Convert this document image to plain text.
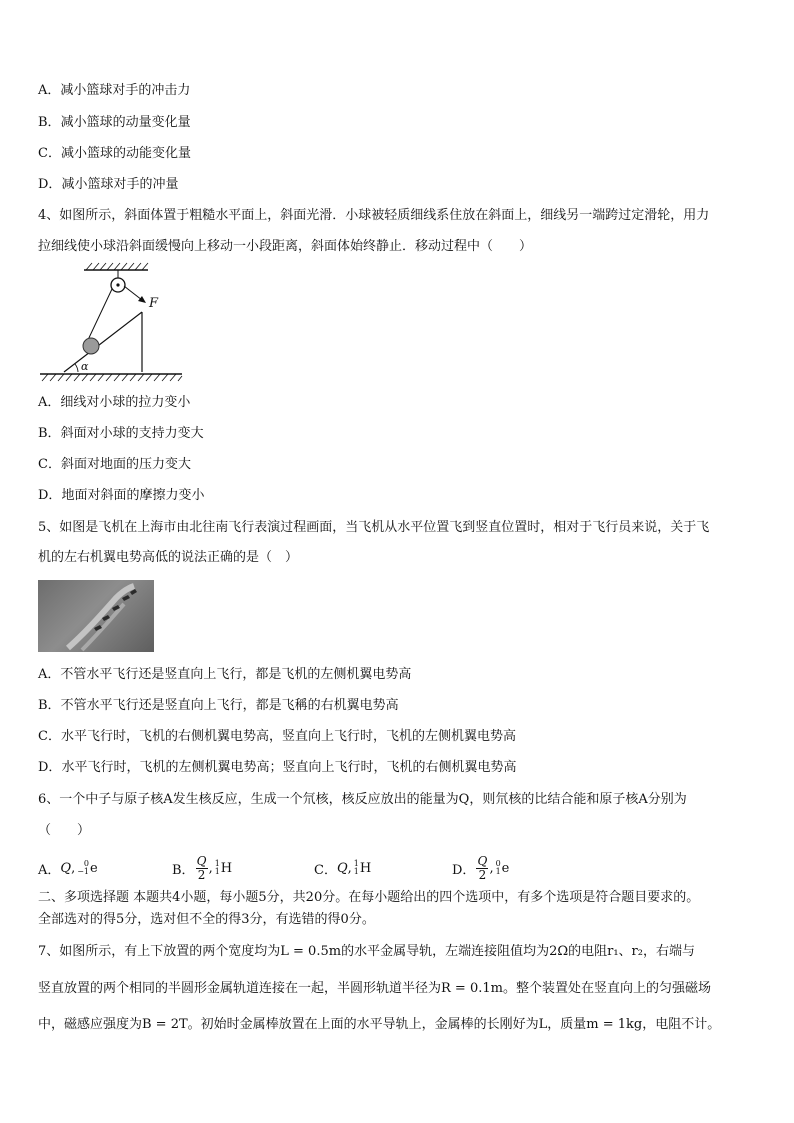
A．减小篮球对手的冲击力
B．减小篮球的动量变化量
C．减小篮球的动能变化量
D．减小篮球对手的冲量
4、如图所示，斜面体置于粗糙水平面上，斜面光滑．小球被轻质细线系住放在斜面上，细线另一端跨过定滑轮，用力
拉细线使小球沿斜面缓慢向上移动一小段距离，斜面体始终静止．移动过程中（　　）
F
α
A．细线对小球的拉力变小
B．斜面对小球的支持力变大
C．斜面对地面的压力变大
D．地面对斜面的摩擦力变小
5、如图是飞机在上海市由北往南飞行表演过程画面，当飞机从水平位置飞到竖直位置时，相对于飞行员来说，关于飞
机的左右机翼电势高低的说法正确的是（　）
A．不管水平飞行还是竖直向上飞行，都是飞机的左侧机翼电势高
B．不管水平飞行还是竖直向上飞行，都是飞稱的右机翼电势高
C．水平飞行时，飞机的右侧机翼电势高，竖直向上飞行时，飞机的左侧机翼电势高
D．水平飞行时，飞机的左侧机翼电势高；竖直向上飞行时，飞机的右侧机翼电势高
6、一个中子与原子核A发生核反应，生成一个氘核，核反应放出的能量为Q，则氘核的比结合能和原子核A分别为
（　　）
A． Q ,	0
−1 e	B． $\frac{Q}{2}$ , 1
1 H	C． Q , 1
1 H	D． $\frac{Q}{2}$ , 0
1 e
二、多项选择题 本题共4小题，每小题5分，共20分。在每小题给出的四个选项中，有多个选项是符合题目要求的。
全部选对的得5分，选对但不全的得3分，有选错的得0分。
7、如图所示，有上下放置的两个宽度均为L = 0.5m的水平金属导轨，左端连接阻值均为2Ω的电阻r₁、r₂，右端与
竖直放置的两个相同的半圆形金属轨道连接在一起，半圆形轨道半径为R = 0.1m。整个装置处在竖直向上的匀强磁场
中，磁感应强度为B = 2T。初始时金属棒放置在上面的水平导轨上，金属棒的长刚好为L，质量m = 1kg，电阻不计。
